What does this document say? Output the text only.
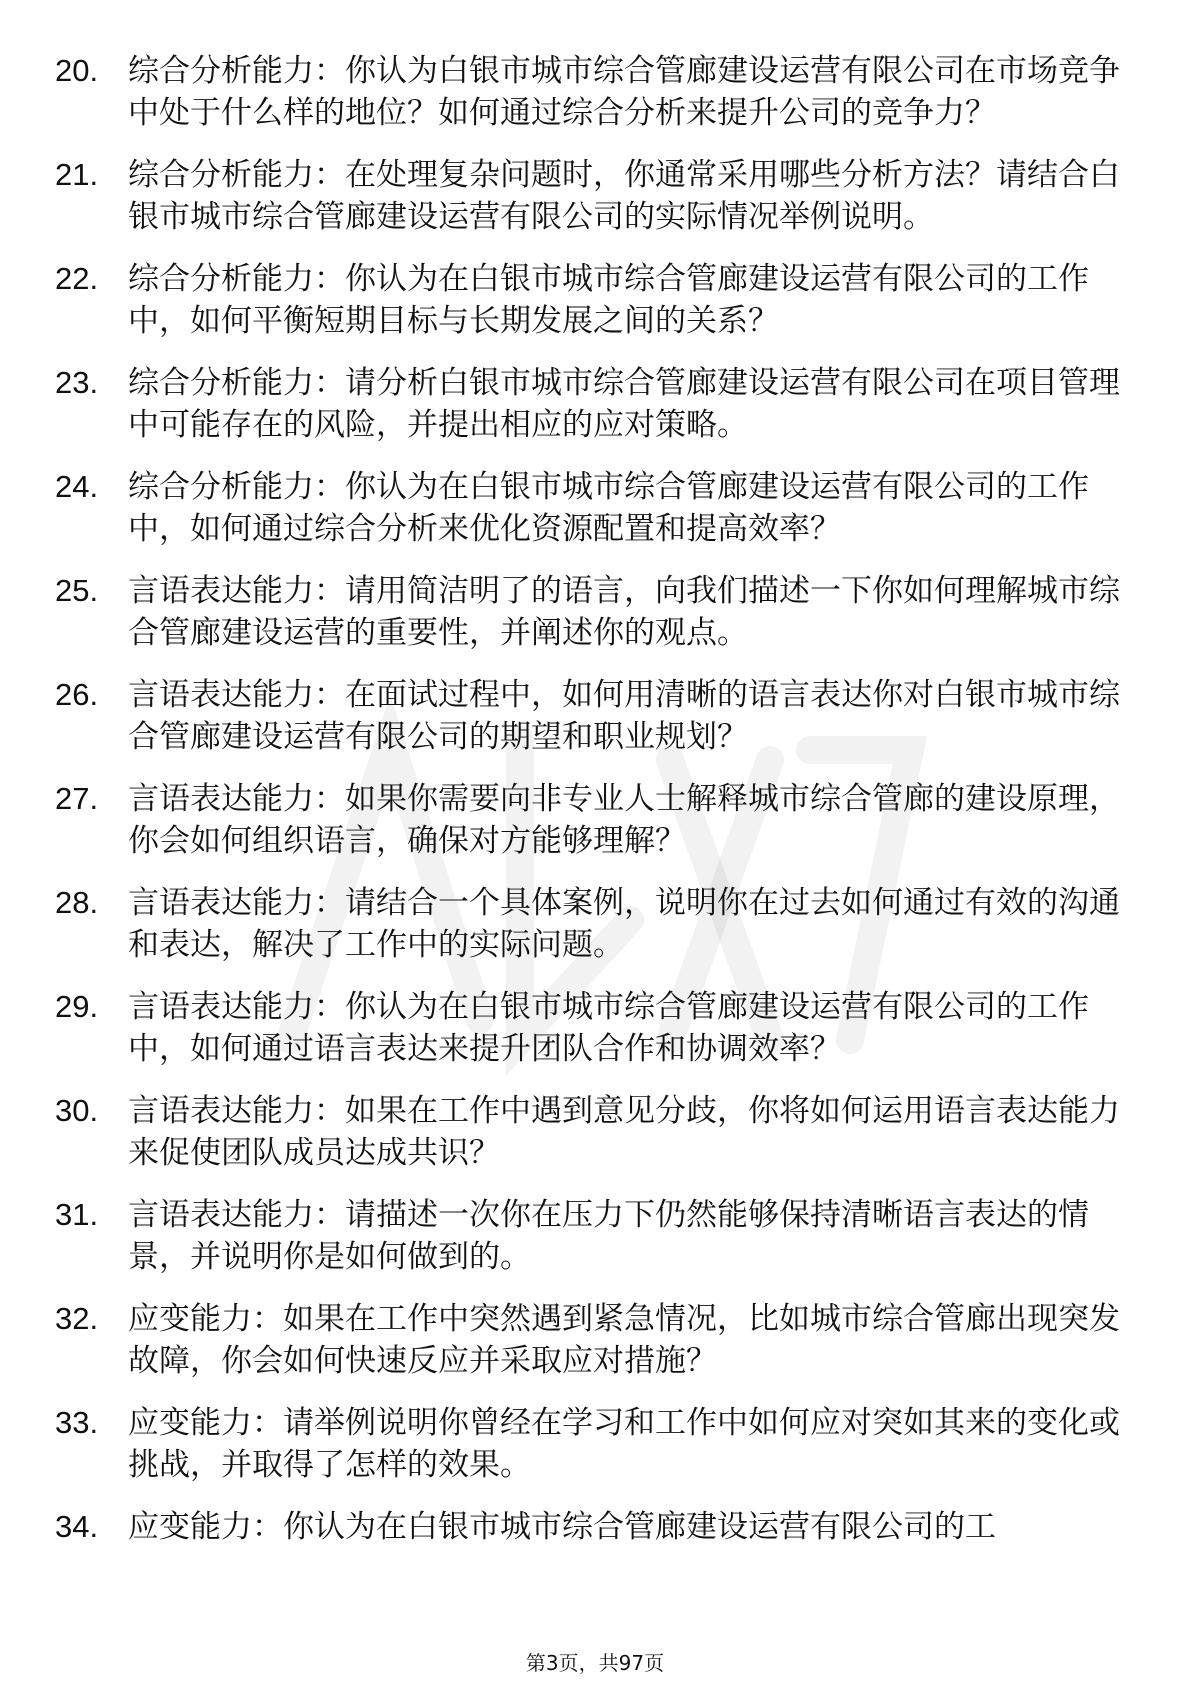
20. 综合分析能力：你认为白银市城市综合管廊建设运营有限公司在市场竞争中处于什么样的地位？如何通过综合分析来提升公司的竞争力？
21. 综合分析能力：在处理复杂问题时，你通常采用哪些分析方法？请结合白银市城市综合管廊建设运营有限公司的实际情况举例说明。
22. 综合分析能力：你认为在白银市城市综合管廊建设运营有限公司的工作中，如何平衡短期目标与长期发展之间的关系？
23. 综合分析能力：请分析白银市城市综合管廊建设运营有限公司在项目管理中可能存在的风险，并提出相应的应对策略。
24. 综合分析能力：你认为在白银市城市综合管廊建设运营有限公司的工作中，如何通过综合分析来优化资源配置和提高效率？
25. 言语表达能力：请用简洁明了的语言，向我们描述一下你如何理解城市综合管廊建设运营的重要性，并阐述你的观点。
26. 言语表达能力：在面试过程中，如何用清晰的语言表达你对白银市城市综合管廊建设运营有限公司的期望和职业规划？
27. 言语表达能力：如果你需要向非专业人士解释城市综合管廊的建设原理，你会如何组织语言，确保对方能够理解？
28. 言语表达能力：请结合一个具体案例，说明你在过去如何通过有效的沟通和表达，解决了工作中的实际问题。
29. 言语表达能力：你认为在白银市城市综合管廊建设运营有限公司的工作中，如何通过语言表达来提升团队合作和协调效率？
30. 言语表达能力：如果在工作中遇到意见分歧，你将如何运用语言表达能力来促使团队成员达成共识？
31. 言语表达能力：请描述一次你在压力下仍然能够保持清晰语言表达的情景，并说明你是如何做到的。
32. 应变能力：如果在工作中突然遇到紧急情况，比如城市综合管廊出现突发故障，你会如何快速反应并采取应对措施？
33. 应变能力：请举例说明你曾经在学习和工作中如何应对突如其来的变化或挑战，并取得了怎样的效果。
34. 应变能力：你认为在白银市城市综合管廊建设运营有限公司的工
第3页，共97页
